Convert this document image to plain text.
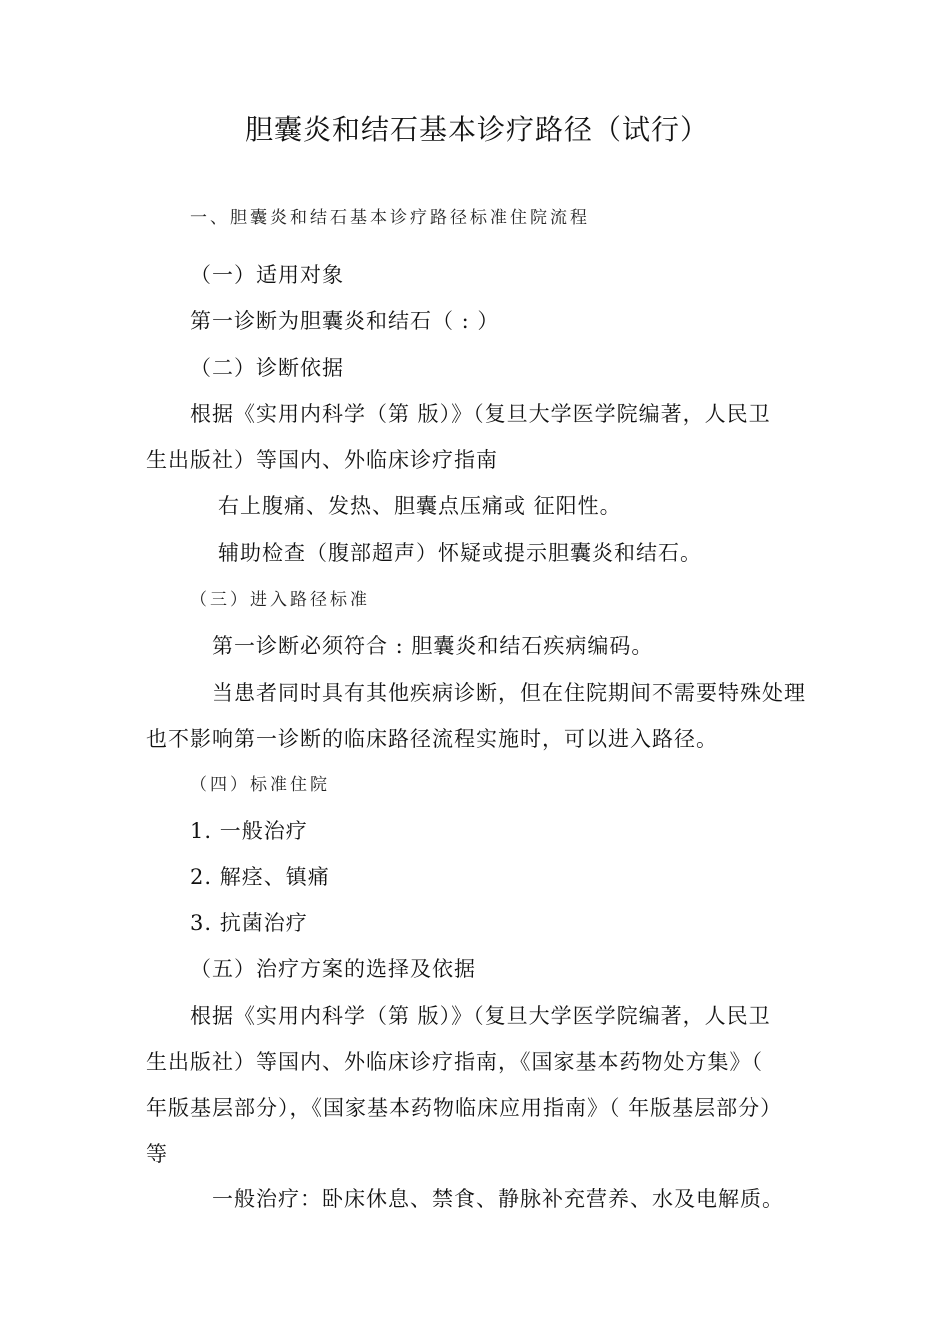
胆囊炎和结石基本诊疗路径（试行）
一、胆囊炎和结石基本诊疗路径标准住院流程
（一）适用对象
第一诊断为胆囊炎和结石（ : ）
（二）诊断依据
根据《实用内科学（第 版）》（复旦大学医学院编著，人民卫
生出版社）等国内、外临床诊疗指南
右上腹痛、发热、胆囊点压痛或 征阳性。
辅助检查（腹部超声）怀疑或提示胆囊炎和结石。
（三）进入路径标准
第一诊断必须符合 : 胆囊炎和结石疾病编码。
当患者同时具有其他疾病诊断，但在住院期间不需要特殊处理
也不影响第一诊断的临床路径流程实施时，可以进入路径。
（四）标准住院
1. 一般治疗
2. 解痉、镇痛
3. 抗菌治疗
（五）治疗方案的选择及依据
根据《实用内科学（第 版）》（复旦大学医学院编著，人民卫
生出版社）等国内、外临床诊疗指南，《国家基本药物处方集》（
年版基层部分），《国家基本药物临床应用指南》（ 年版基层部分）
等
一般治疗：卧床休息、禁食、静脉补充营养、水及电解质。
